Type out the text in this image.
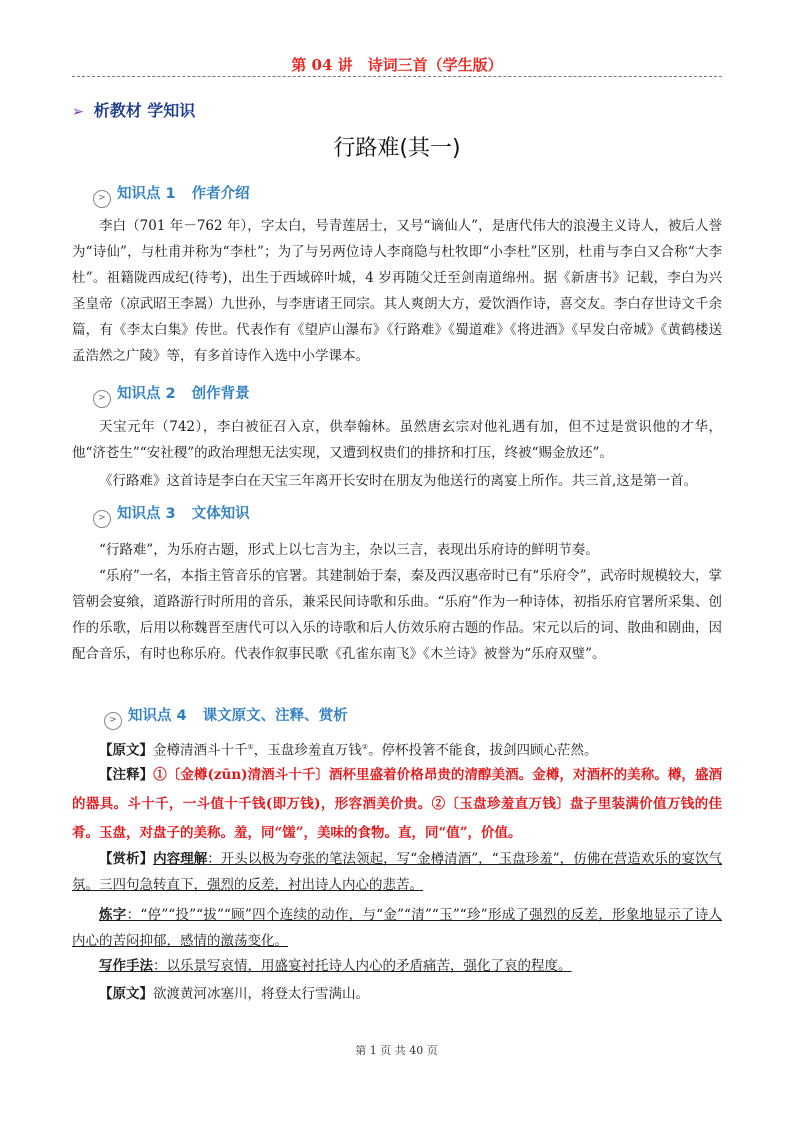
第 04 讲　诗词三首（学生版）
➢ 析教材 学知识
行路难(其一)
> 知识点 1 作者介绍

李白（701 年－762 年），字太白，号青莲居士，又号“谪仙人”，是唐代伟大的浪漫主义诗人，被后人誉为“诗仙”，与杜甫并称为“李杜”；为了与另两位诗人李商隐与杜牧即“小李杜”区别，杜甫与李白又合称“大李杜”。祖籍陇西成纪(待考)，出生于西域碎叶城，4 岁再随父迁至剑南道绵州。据《新唐书》记载，李白为兴圣皇帝（凉武昭王李暠）九世孙，与李唐诸王同宗。其人爽朗大方，爱饮酒作诗，喜交友。李白存世诗文千余篇，有《李太白集》传世。代表作有《望庐山瀑布》《行路难》《蜀道难》《将进酒》《早发白帝城》《黄鹤楼送孟浩然之广陵》等，有多首诗作入选中小学课本。

> 知识点 2 创作背景

天宝元年（742），李白被征召入京，供奉翰林。虽然唐玄宗对他礼遇有加，但不过是赏识他的才华，他“济苍生”“安社稷”的政治理想无法实现，又遭到权贵们的排挤和打压，终被“赐金放还”。

《行路难》这首诗是李白在天宝三年离开长安时在朋友为他送行的离宴上所作。共三首,这是第一首。

> 知识点 3 文体知识

“行路难”，为乐府古题，形式上以七言为主，杂以三言，表现出乐府诗的鲜明节奏。

“乐府”一名，本指主管音乐的官署。其建制始于秦，秦及西汉惠帝时已有“乐府令”，武帝时规模较大，掌管朝会宴飨，道路游行时所用的音乐，兼采民间诗歌和乐曲。“乐府”作为一种诗体，初指乐府官署所采集、创作的乐歌，后用以称魏晋至唐代可以入乐的诗歌和后人仿效乐府古题的作品。宋元以后的词、散曲和剧曲，因配合音乐，有时也称乐府。代表作叙事民歌《孔雀东南飞》《木兰诗》被誉为“乐府双璧”。

> 知识点 4 课文原文、注释、赏析

【原文】金樽清酒斗十千①，玉盘珍羞直万钱②。停杯投箸不能食，拔剑四顾心茫然。

【注释】①〔金樽(zūn)清酒斗十千〕酒杯里盛着价格昂贵的清醇美酒。金樽，对酒杯的美称。樽，盛酒的器具。斗十千，一斗值十千钱(即万钱)，形容酒美价贵。②〔玉盘珍羞直万钱〕盘子里装满价值万钱的佳肴。玉盘，对盘子的美称。羞，同“馐”，美味的食物。直，同“值”，价值。

【赏析】内容理解：开头以极为夸张的笔法领起，写“金樽清酒”，“玉盘珍羞”，仿佛在营造欢乐的宴饮气氛。三四句急转直下，强烈的反差，衬出诗人内心的悲苦。

炼字：“停”“投”“拔”“顾”四个连续的动作，与“金”“清”“玉”“珍”形成了强烈的反差，形象地显示了诗人内心的苦闷抑郁，感情的激荡变化。

写作手法：以乐景写哀情，用盛宴衬托诗人内心的矛盾痛苦，强化了哀的程度。

【原文】欲渡黄河冰塞川，将登太行雪满山。

第 1 页 共 40 页
